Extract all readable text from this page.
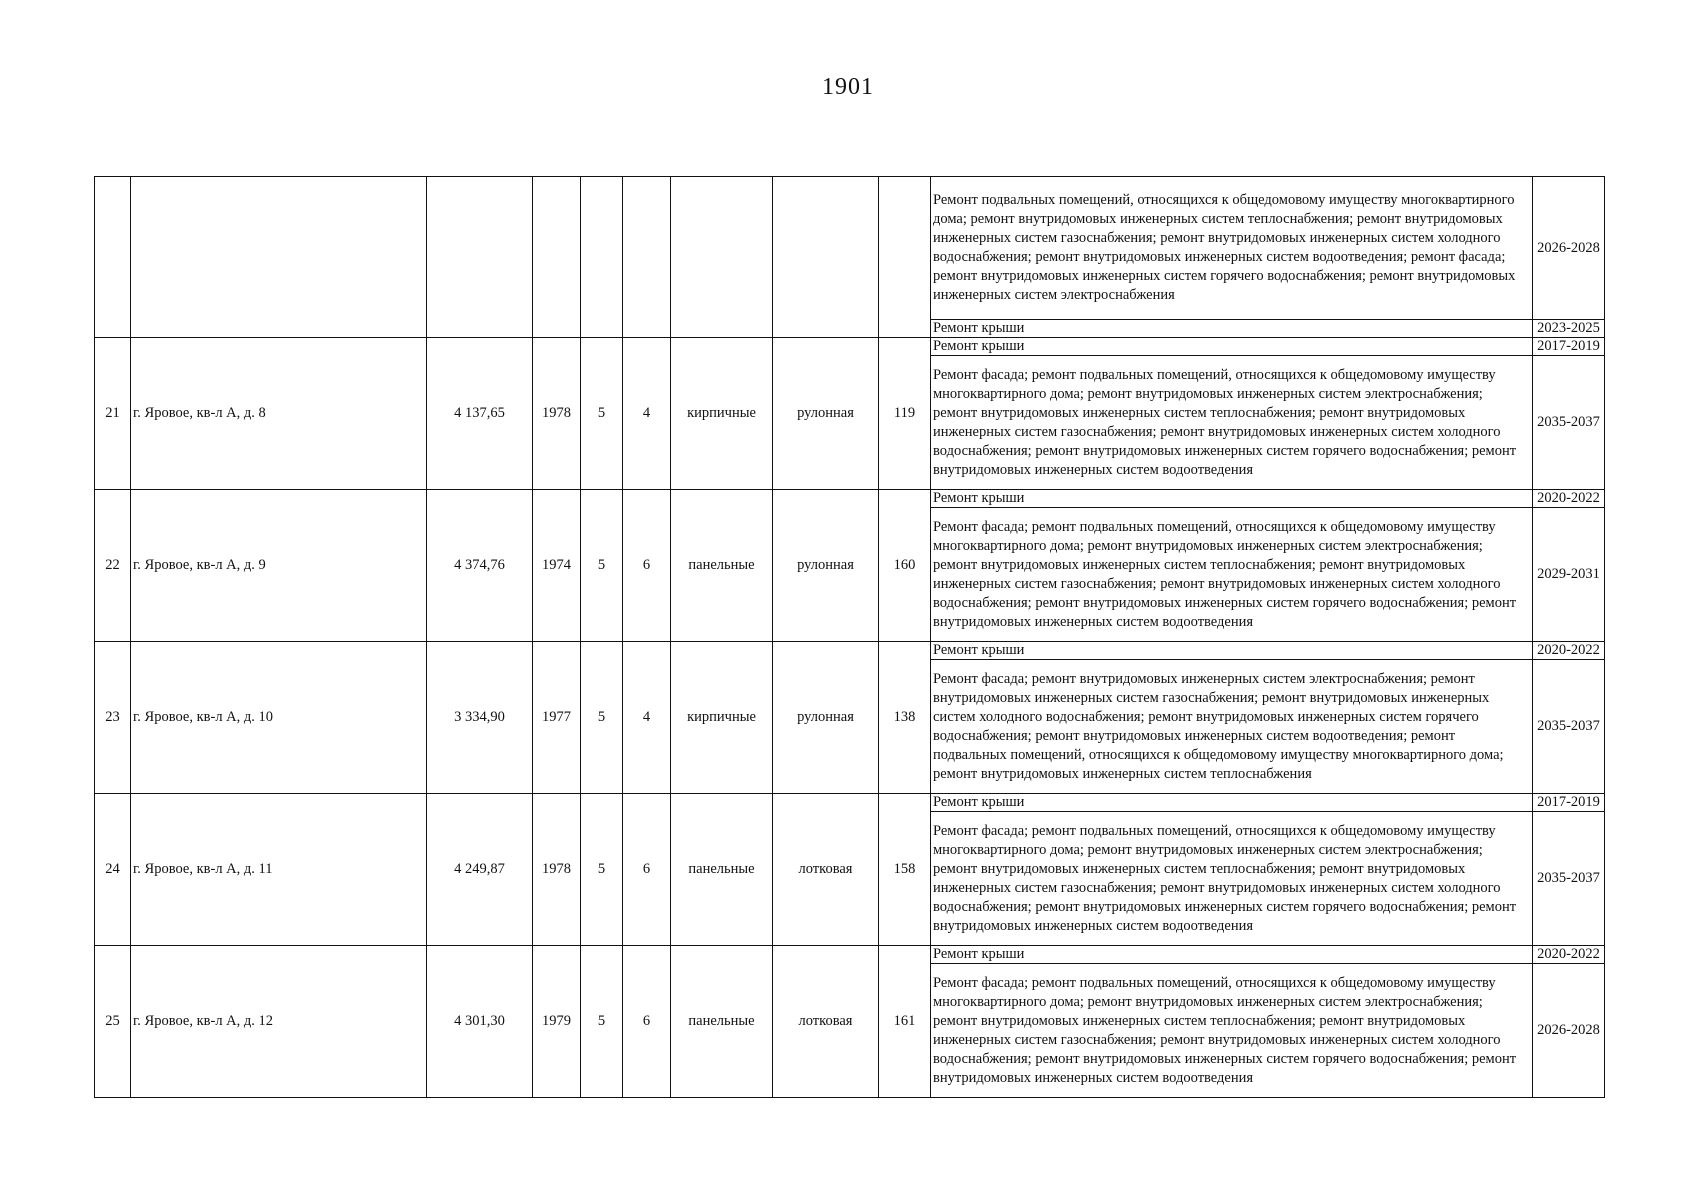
1901
									Ремонт подвальных помещений, относящихся к общедомовому имуществу многоквартирного дома; ремонт внутридомовых инженерных систем теплоснабжения; ремонт внутридомовых инженерных систем газоснабжения; ремонт внутридомовых инженерных систем холодного водоснабжения; ремонт внутридомовых инженерных систем водоотведения; ремонт фасада; ремонт внутридомовых инженерных систем горячего водоснабжения; ремонт внутридомовых инженерных систем электроснабжения	2026-2028
									Ремонт крыши	2023-2025
21	г. Яровое, кв-л А, д. 8	4 137,65	1978	5	4	кирпичные	рулонная	119	Ремонт крыши	2017-2019
									Ремонт фасада; ремонт подвальных помещений, относящихся к общедомовому имуществу многоквартирного дома; ремонт внутридомовых инженерных систем электроснабжения; ремонт внутридомовых инженерных систем теплоснабжения; ремонт внутридомовых инженерных систем газоснабжения; ремонт внутридомовых инженерных систем холодного водоснабжения; ремонт внутридомовых инженерных систем горячего водоснабжения; ремонт внутридомовых инженерных систем водоотведения	2035-2037
22	г. Яровое, кв-л А, д. 9	4 374,76	1974	5	6	панельные	рулонная	160	Ремонт крыши	2020-2022
									Ремонт фасада; ремонт подвальных помещений, относящихся к общедомовому имуществу многоквартирного дома; ремонт внутридомовых инженерных систем электроснабжения; ремонт внутридомовых инженерных систем теплоснабжения; ремонт внутридомовых инженерных систем газоснабжения; ремонт внутридомовых инженерных систем холодного водоснабжения; ремонт внутридомовых инженерных систем горячего водоснабжения; ремонт внутридомовых инженерных систем водоотведения	2029-2031
23	г. Яровое, кв-л А, д. 10	3 334,90	1977	5	4	кирпичные	рулонная	138	Ремонт крыши	2020-2022
									Ремонт фасада; ремонт внутридомовых инженерных систем электроснабжения; ремонт внутридомовых инженерных систем газоснабжения; ремонт внутридомовых инженерных систем холодного водоснабжения; ремонт внутридомовых инженерных систем горячего водоснабжения; ремонт внутридомовых инженерных систем водоотведения; ремонт подвальных помещений, относящихся к общедомовому имуществу многоквартирного дома; ремонт внутридомовых инженерных систем теплоснабжения	2035-2037
24	г. Яровое, кв-л А, д. 11	4 249,87	1978	5	6	панельные	лотковая	158	Ремонт крыши	2017-2019
									Ремонт фасада; ремонт подвальных помещений, относящихся к общедомовому имуществу многоквартирного дома; ремонт внутридомовых инженерных систем электроснабжения; ремонт внутридомовых инженерных систем теплоснабжения; ремонт внутридомовых инженерных систем газоснабжения; ремонт внутридомовых инженерных систем холодного водоснабжения; ремонт внутридомовых инженерных систем горячего водоснабжения; ремонт внутридомовых инженерных систем водоотведения	2035-2037
25	г. Яровое, кв-л А, д. 12	4 301,30	1979	5	6	панельные	лотковая	161	Ремонт крыши	2020-2022
									Ремонт фасада; ремонт подвальных помещений, относящихся к общедомовому имуществу многоквартирного дома; ремонт внутридомовых инженерных систем электроснабжения; ремонт внутридомовых инженерных систем теплоснабжения; ремонт внутридомовых инженерных систем газоснабжения; ремонт внутридомовых инженерных систем холодного водоснабжения; ремонт внутридомовых инженерных систем горячего водоснабжения; ремонт внутридомовых инженерных систем водоотведения	2026-2028
